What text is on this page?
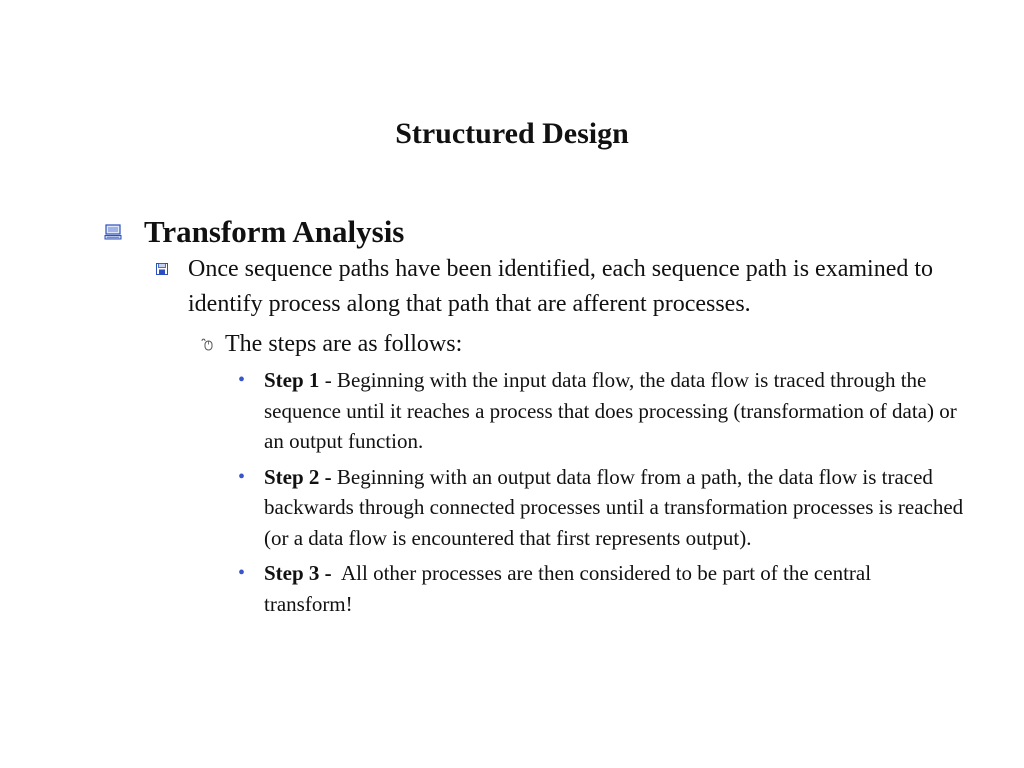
Structured Design
Transform Analysis
Once sequence paths have been identified, each sequence path is examined to identify process along that path that are afferent processes.
The steps are as follows:
• Step 1 - Beginning with the input data flow, the data flow is traced through the sequence until it reaches a process that does processing (transformation of data) or an output function.
• Step 2 - Beginning with an output data flow from a path, the data flow is traced backwards through connected processes until a transformation processes is reached (or a data flow is encountered that first represents output).
• Step 3 -  All other processes are then considered to be part of the central transform!
